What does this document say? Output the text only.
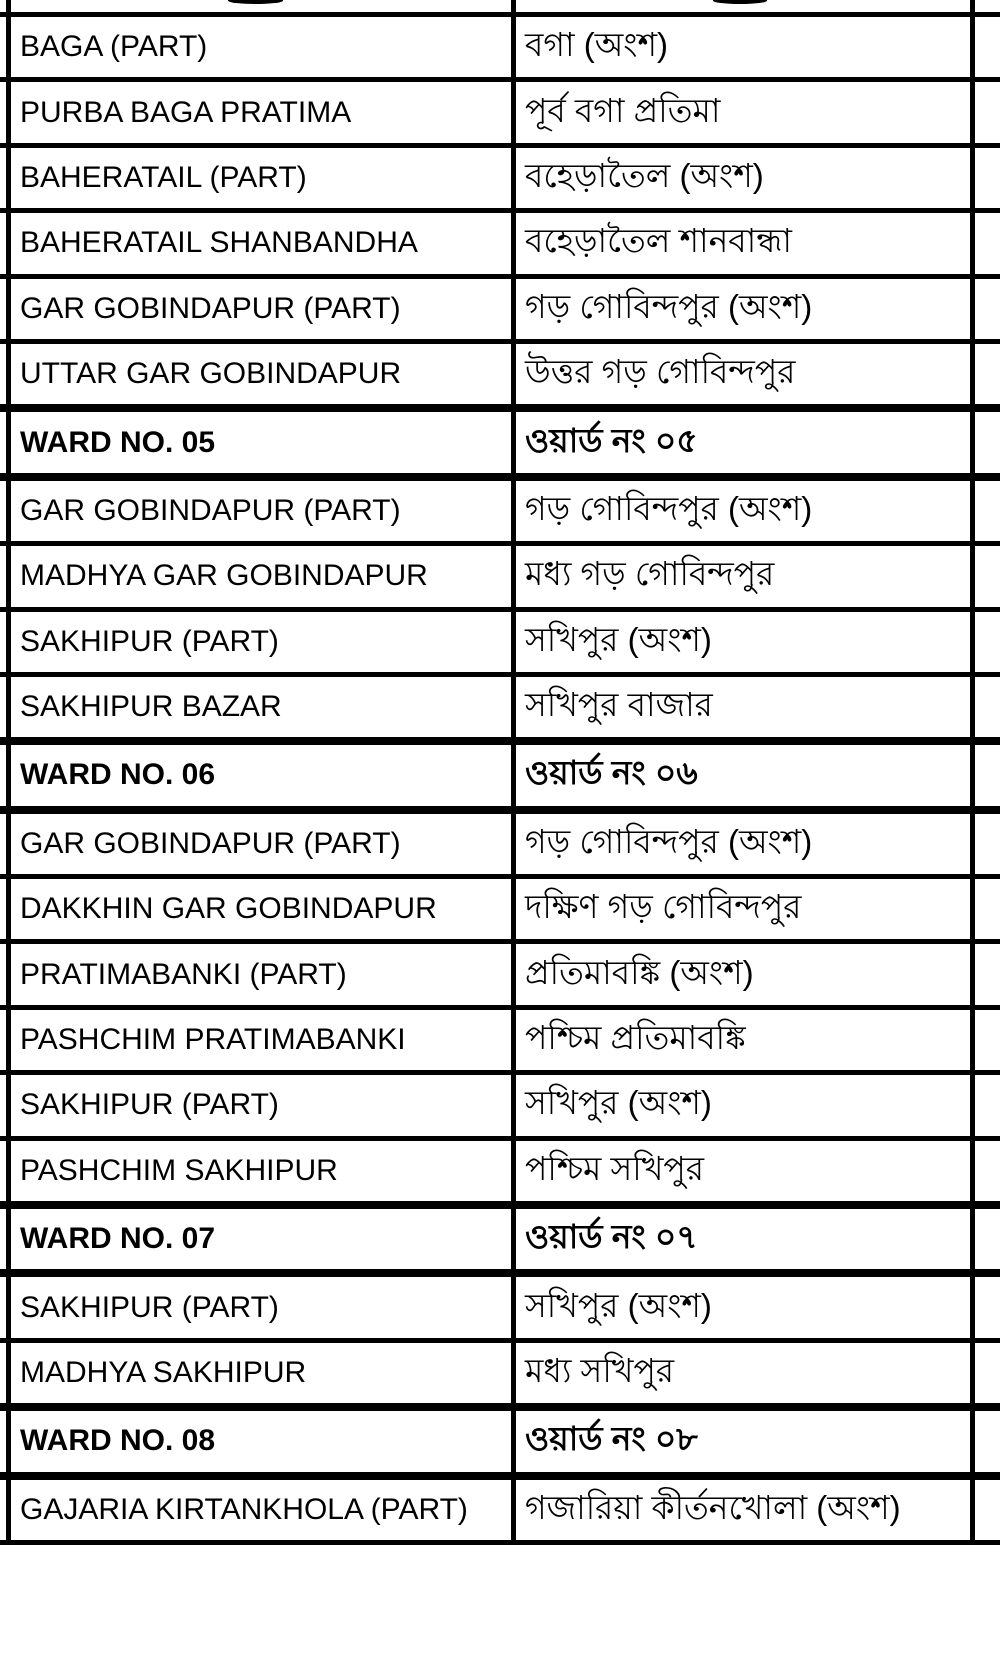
BAGA (PART)	বগা (অংশ)
PURBA BAGA PRATIMA	পূর্ব বগা প্রতিমা
BAHERATAIL (PART)	বহেড়াতৈল (অংশ)
BAHERATAIL SHANBANDHA	বহেড়াতৈল শানবান্ধা
GAR GOBINDAPUR (PART)	গড় গোবিন্দপুর (অংশ)
UTTAR GAR GOBINDAPUR	উত্তর গড় গোবিন্দপুর
WARD NO. 05	ওয়ার্ড নং ০৫
GAR GOBINDAPUR (PART)	গড় গোবিন্দপুর (অংশ)
MADHYA GAR GOBINDAPUR	মধ্য গড় গোবিন্দপুর
SAKHIPUR (PART)	সখিপুর (অংশ)
SAKHIPUR BAZAR	সখিপুর বাজার
WARD NO. 06	ওয়ার্ড নং ০৬
GAR GOBINDAPUR (PART)	গড় গোবিন্দপুর (অংশ)
DAKKHIN GAR GOBINDAPUR	দক্ষিণ গড় গোবিন্দপুর
PRATIMABANKI (PART)	প্রতিমাবঙ্কি (অংশ)
PASHCHIM PRATIMABANKI	পশ্চিম প্রতিমাবঙ্কি
SAKHIPUR (PART)	সখিপুর (অংশ)
PASHCHIM SAKHIPUR	পশ্চিম সখিপুর
WARD NO. 07	ওয়ার্ড নং ০৭
SAKHIPUR (PART)	সখিপুর (অংশ)
MADHYA SAKHIPUR	মধ্য সখিপুর
WARD NO. 08	ওয়ার্ড নং ০৮
GAJARIA KIRTANKHOLA (PART)	গজারিয়া কীর্তনখোলা (অংশ)
